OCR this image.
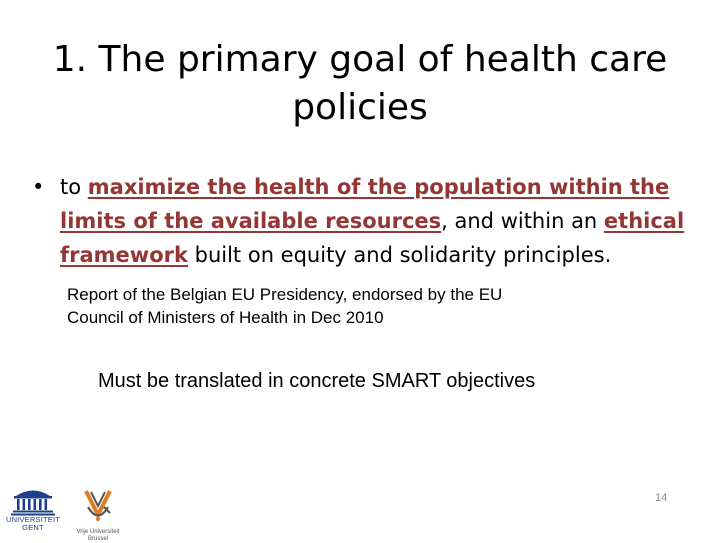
1. The primary goal of health care
policies
• to maximize the health of the population within the limits of the available resources, and within an ethical framework built on equity and solidarity principles.
Report of the Belgian EU Presidency, endorsed by the EU
Council of Ministers of Health in Dec 2010
Must be translated in concrete SMART objectives
14
UNIVERSITEIT
GENT	Vrije Universiteit
Brussel
